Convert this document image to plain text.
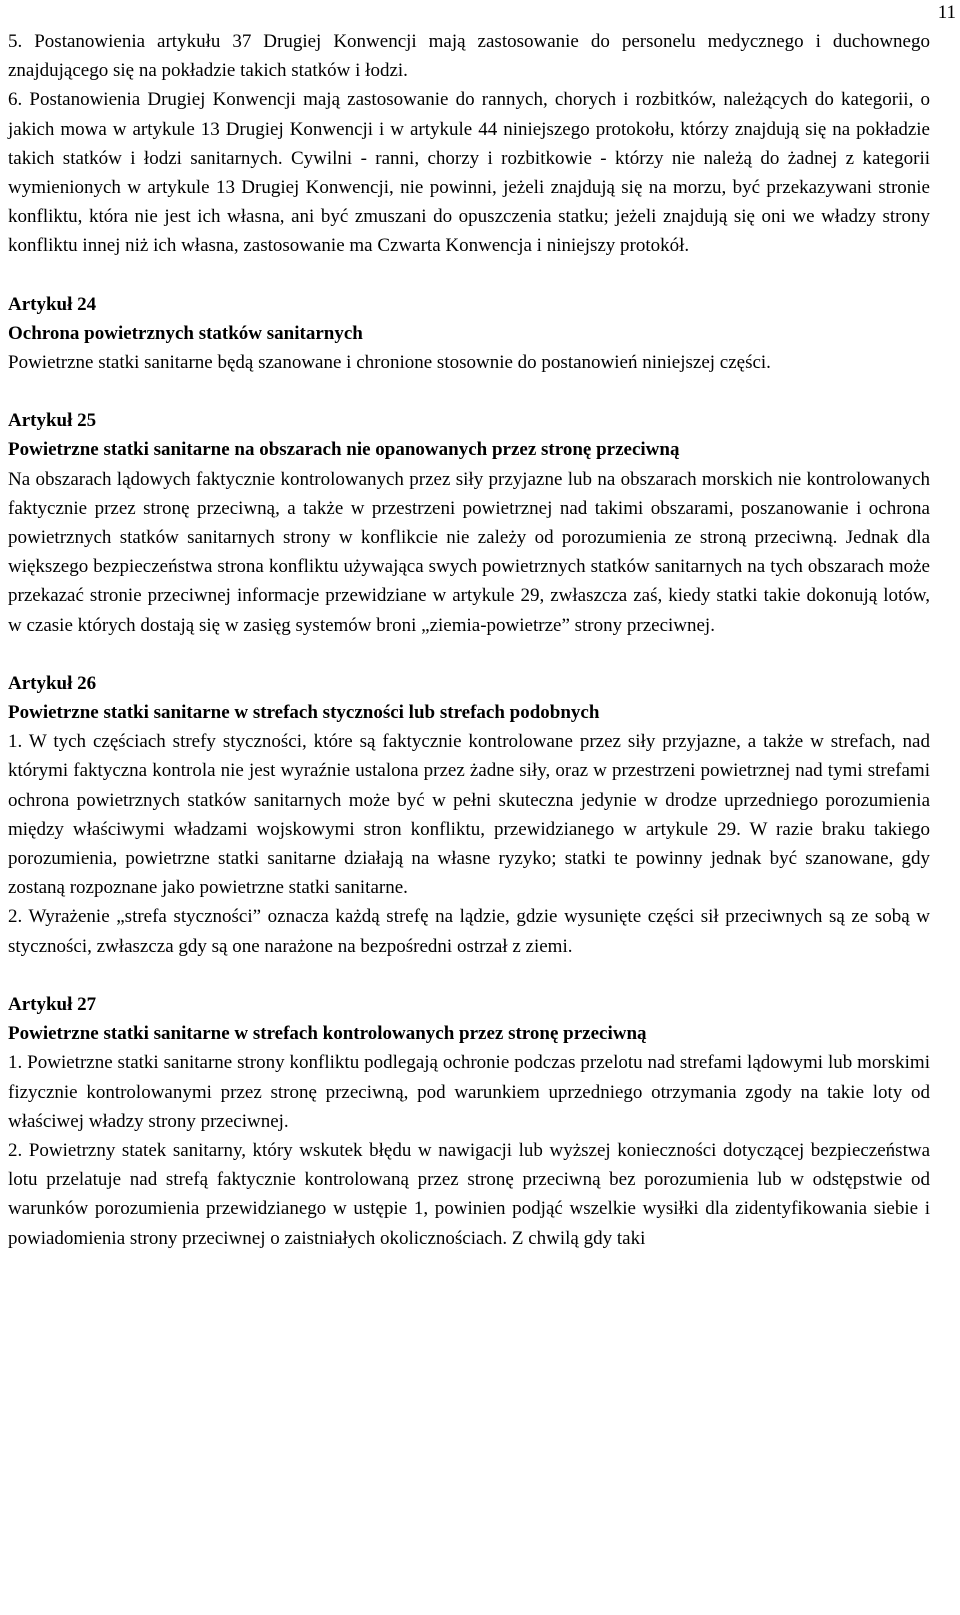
11

5. Postanowienia artykułu 37 Drugiej Konwencji mają zastosowanie do personelu medycznego i duchownego znajdującego się na pokładzie takich statków i łodzi.

6. Postanowienia Drugiej Konwencji mają zastosowanie do rannych, chorych i rozbitków, należących do kategorii, o jakich mowa w artykule 13 Drugiej Konwencji i w artykule 44 niniejszego protokołu, którzy znajdują się na pokładzie takich statków i łodzi sanitarnych. Cywilni - ranni, chorzy i rozbitkowie - którzy nie należą do żadnej z kategorii wymienionych w artykule 13 Drugiej Konwencji, nie powinni, jeżeli znajdują się na morzu, być przekazywani stronie konfliktu, która nie jest ich własna, ani być zmuszani do opuszczenia statku; jeżeli znajdują się oni we władzy strony konfliktu innej niż ich własna, zastosowanie ma Czwarta Konwencja i niniejszy protokół.

Artykuł 24
Ochrona powietrznych statków sanitarnych

Powietrzne statki sanitarne będą szanowane i chronione stosownie do postanowień niniejszej części.

Artykuł 25
Powietrzne statki sanitarne na obszarach nie opanowanych przez stronę przeciwną

Na obszarach lądowych faktycznie kontrolowanych przez siły przyjazne lub na obszarach morskich nie kontrolowanych faktycznie przez stronę przeciwną, a także w przestrzeni powietrznej nad takimi obszarami, poszanowanie i ochrona powietrznych statków sanitarnych strony w konflikcie nie zależy od porozumienia ze stroną przeciwną. Jednak dla większego bezpieczeństwa strona konfliktu używająca swych powietrznych statków sanitarnych na tych obszarach może przekazać stronie przeciwnej informacje przewidziane w artykule 29, zwłaszcza zaś, kiedy statki takie dokonują lotów, w czasie których dostają się w zasięg systemów broni „ziemia-powietrze” strony przeciwnej.

Artykuł 26
Powietrzne statki sanitarne w strefach styczności lub strefach podobnych

1. W tych częściach strefy styczności, które są faktycznie kontrolowane przez siły przyjazne, a także w strefach, nad którymi faktyczna kontrola nie jest wyraźnie ustalona przez żadne siły, oraz w przestrzeni powietrznej nad tymi strefami ochrona powietrznych statków sanitarnych może być w pełni skuteczna jedynie w drodze uprzedniego porozumienia między właściwymi władzami wojskowymi stron konfliktu, przewidzianego w artykule 29. W razie braku takiego porozumienia, powietrzne statki sanitarne działają na własne ryzyko; statki te powinny jednak być szanowane, gdy zostaną rozpoznane jako powietrzne statki sanitarne.

2. Wyrażenie „strefa styczności” oznacza każdą strefę na lądzie, gdzie wysunięte części sił przeciwnych są ze sobą w styczności, zwłaszcza gdy są one narażone na bezpośredni ostrzał z ziemi.

Artykuł 27
Powietrzne statki sanitarne w strefach kontrolowanych przez stronę przeciwną

1. Powietrzne statki sanitarne strony konfliktu podlegają ochronie podczas przelotu nad strefami lądowymi lub morskimi fizycznie kontrolowanymi przez stronę przeciwną, pod warunkiem uprzedniego otrzymania zgody na takie loty od właściwej władzy strony przeciwnej.

2. Powietrzny statek sanitarny, który wskutek błędu w nawigacji lub wyższej konieczności dotyczącej bezpieczeństwa lotu przelatuje nad strefą faktycznie kontrolowaną przez stronę przeciwną bez porozumienia lub w odstępstwie od warunków porozumienia przewidzianego w ustępie 1, powinien podjąć wszelkie wysiłki dla zidentyfikowania siebie i powiadomienia strony przeciwnej o zaistniałych okolicznościach. Z chwilą gdy taki
